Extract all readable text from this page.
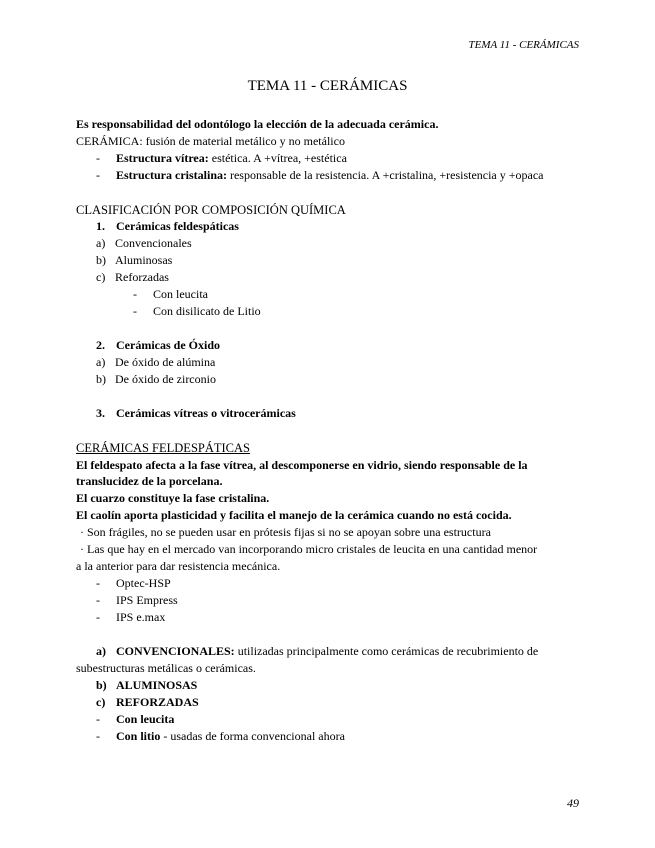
TEMA 11 - CERÁMICAS
TEMA 11 - CERÁMICAS
Es responsabilidad del odontólogo la elección de la adecuada cerámica.
CERÁMICA: fusión de material metálico y no metálico
- Estructura vítrea: estética. A +vítrea, +estética
- Estructura cristalina: responsable de la resistencia. A +cristalina, +resistencia y +opaca
CLASIFICACIÓN POR COMPOSICIÓN QUÍMICA
1. Cerámicas feldespáticas
a) Convencionales
b) Aluminosas
c) Reforzadas
- Con leucita
- Con disilicato de Litio
2. Cerámicas de Óxido
a) De óxido de alúmina
b) De óxido de zirconio
3. Cerámicas vítreas o vitrocerámicas
CERÁMICAS FELDESPÁTICAS
El feldespato afecta a la fase vítrea, al descomponerse en vidrio, siendo responsable de la
translucidez de la porcelana.
El cuarzo constituye la fase cristalina.
El caolín aporta plasticidad y facilita el manejo de la cerámica cuando no está cocida.
· Son frágiles, no se pueden usar en prótesis fijas si no se apoyan sobre una estructura
· Las que hay en el mercado van incorporando micro cristales de leucita en una cantidad menor
a la anterior para dar resistencia mecánica.
- Optec-HSP
- IPS Empress
- IPS e.max
a) CONVENCIONALES: utilizadas principalmente como cerámicas de recubrimiento de
subestructuras metálicas o cerámicas.
b) ALUMINOSAS
c) REFORZADAS
- Con leucita
- Con litio - usadas de forma convencional ahora
49
